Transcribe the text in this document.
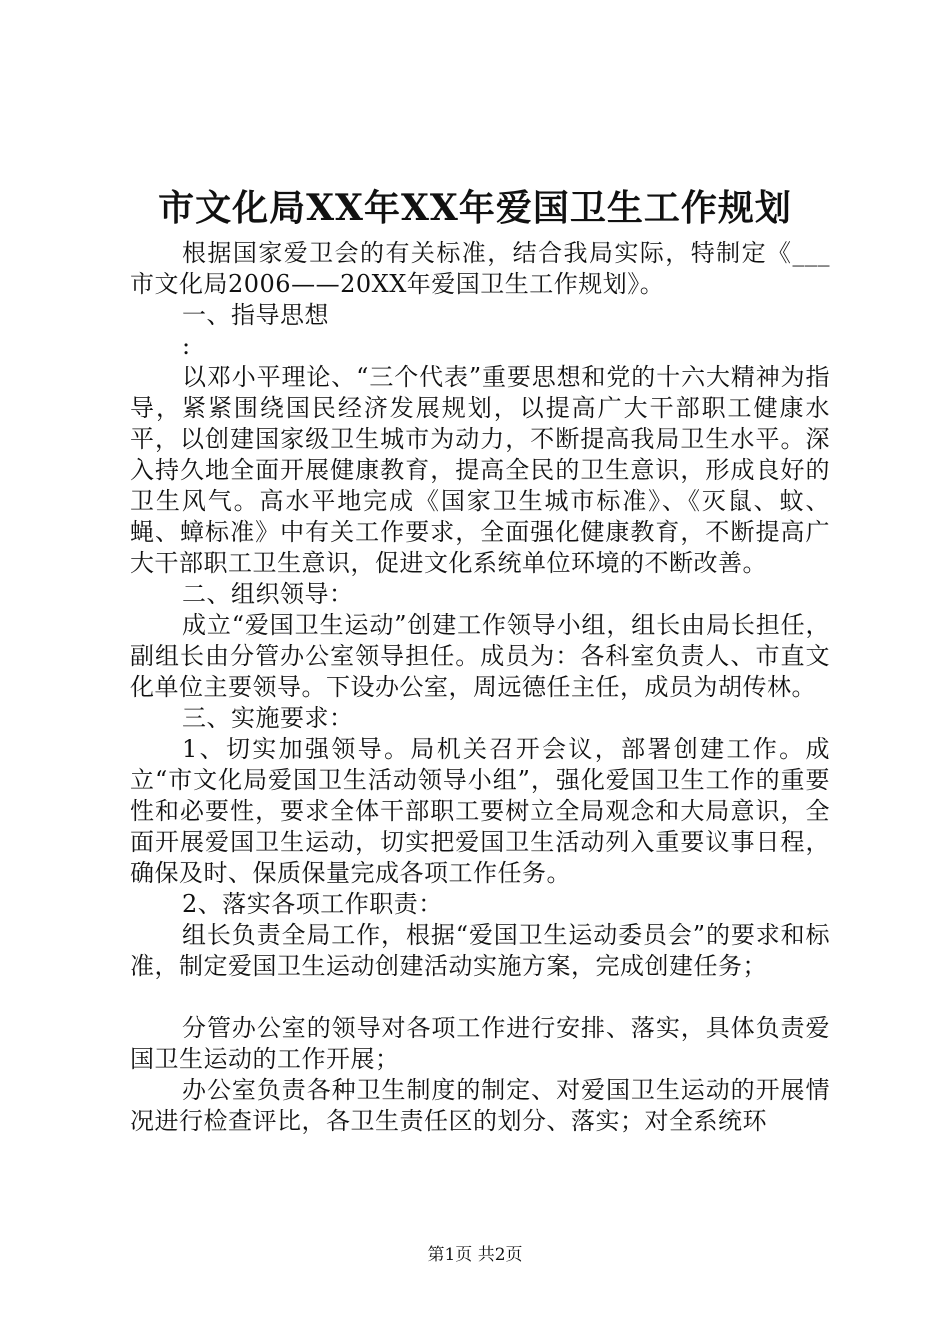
市文化局XX年XX年爱国卫生工作规划

根据国家爱卫会的有关标准，结合我局实际，特制定《___市文化局2006——20XX年爱国卫生工作规划》。

一、指导思想

:

以邓小平理论、“三个代表”重要思想和党的十六大精神为指导，紧紧围绕国民经济发展规划，以提高广大干部职工健康水平，以创建国家级卫生城市为动力，不断提高我局卫生水平。深入持久地全面开展健康教育，提高全民的卫生意识，形成良好的卫生风气。高水平地完成《国家卫生城市标准》、《灭鼠、蚊、蝇、蟑标准》中有关工作要求，全面强化健康教育，不断提高广大干部职工卫生意识，促进文化系统单位环境的不断改善。

二、组织领导：

成立“爱国卫生运动”创建工作领导小组，组长由局长担任，副组长由分管办公室领导担任。成员为：各科室负责人、市直文化单位主要领导。下设办公室，周远德任主任，成员为胡传林。

三、实施要求：

1、切实加强领导。局机关召开会议，部署创建工作。成立“市文化局爱国卫生活动领导小组”，强化爱国卫生工作的重要性和必要性，要求全体干部职工要树立全局观念和大局意识，全面开展爱国卫生运动，切实把爱国卫生活动列入重要议事日程，确保及时、保质保量完成各项工作任务。

2、落实各项工作职责：

组长负责全局工作，根据“爱国卫生运动委员会”的要求和标准，制定爱国卫生运动创建活动实施方案，完成创建任务；

分管办公室的领导对各项工作进行安排、落实，具体负责爱国卫生运动的工作开展；

办公室负责各种卫生制度的制定、对爱国卫生运动的开展情况进行检查评比，各卫生责任区的划分、落实；对全系统环

第1页 共2页
